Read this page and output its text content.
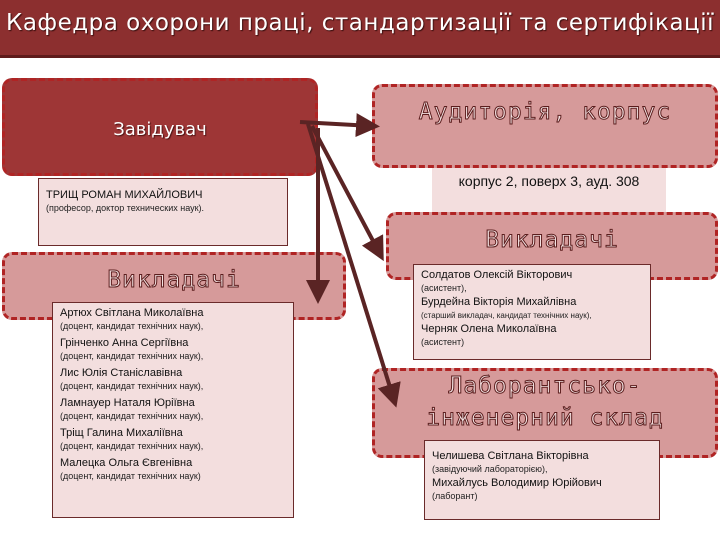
Кафедра охорони праці, стандартизації та сертифікації
Завідувач
ТРИЩ РОМАН МИХАЙЛОВИЧ
(професор, доктор технических наук).
Аудиторія, корпус
корпус 2, поверх 3, ауд. 308
Викладачі
Солдатов Олексій Вікторович
(асистент),
Бурдейна Вікторія Михайлівна
(старший викладач, кандидат технічних наук),
Черняк Олена Миколаївна
(асистент)
Лаборантсько-
інженерний склад
Челишева Світлана Вікторівна
(завідуючий лабораторією),
Михайлусь Володимир Юрійович
(лаборант)
Викладачі
Артюх Світлана Миколаївна
(доцент, кандидат технічних наук),
Грінченко Анна Сергіївна
(доцент, кандидат технічних наук),
Лис Юлія Станіславівна
(доцент, кандидат технічних наук),
Ламнауер Наталя Юріївна
(доцент, кандидат технічних наук),
Тріщ Галина Михаліївна
(доцент, кандидат технічних наук),
Малецка Ольга Євгенівна
(доцент, кандидат технічних наук)
